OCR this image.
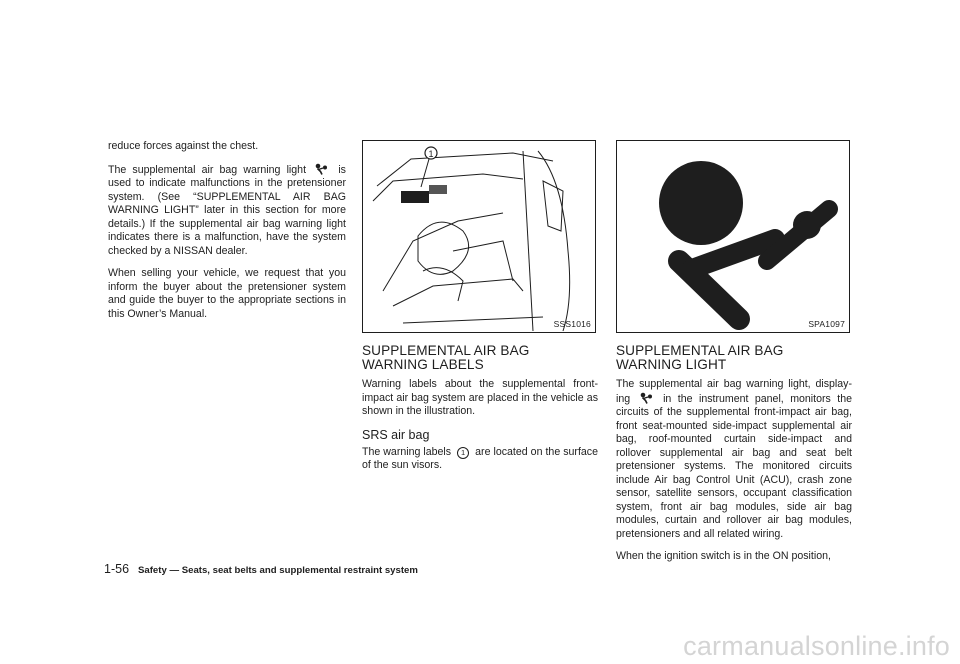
reduce forces against the chest.

The supplemental air bag warning light	is used to indicate malfunctions in the pretensioner system. (See “SUPPLEMENTAL AIR BAG WARNING LIGHT” later in this section for more details.) If the supplemental air bag warning light indicates there is a malfunction, have the system checked by a NISSAN dealer.

When selling your vehicle, we request that you inform the buyer about the pretensioner system and guide the buyer to the appropriate sections in this Owner’s Manual.

1
SSS1016
SUPPLEMENTAL AIR BAG WARNING LABELS

Warning labels about the supplemental front-impact air bag system are placed in the vehicle as shown in the illustration.

SRS air bag

The warning labels 1 are located on the surface of the sun visors.

SPA1097
SUPPLEMENTAL AIR BAG WARNING LIGHT

The supplemental air bag warning light, display-ing	in the instrument panel, monitors the circuits of the supplemental front-impact air bag, front seat-mounted side-impact supplemental air bag, roof-mounted curtain side-impact and rollover supplemental air bag and seat belt pretensioner systems. The monitored circuits include Air bag Control Unit (ACU), crash zone sensor, satellite sensors, occupant classification system, front air bag modules, side air bag modules, curtain and rollover air bag modules, pretensioners and all related wiring.

When the ignition switch is in the ON position,

1-56 Safety — Seats, seat belts and supplemental restraint system
carmanualsonline.info
